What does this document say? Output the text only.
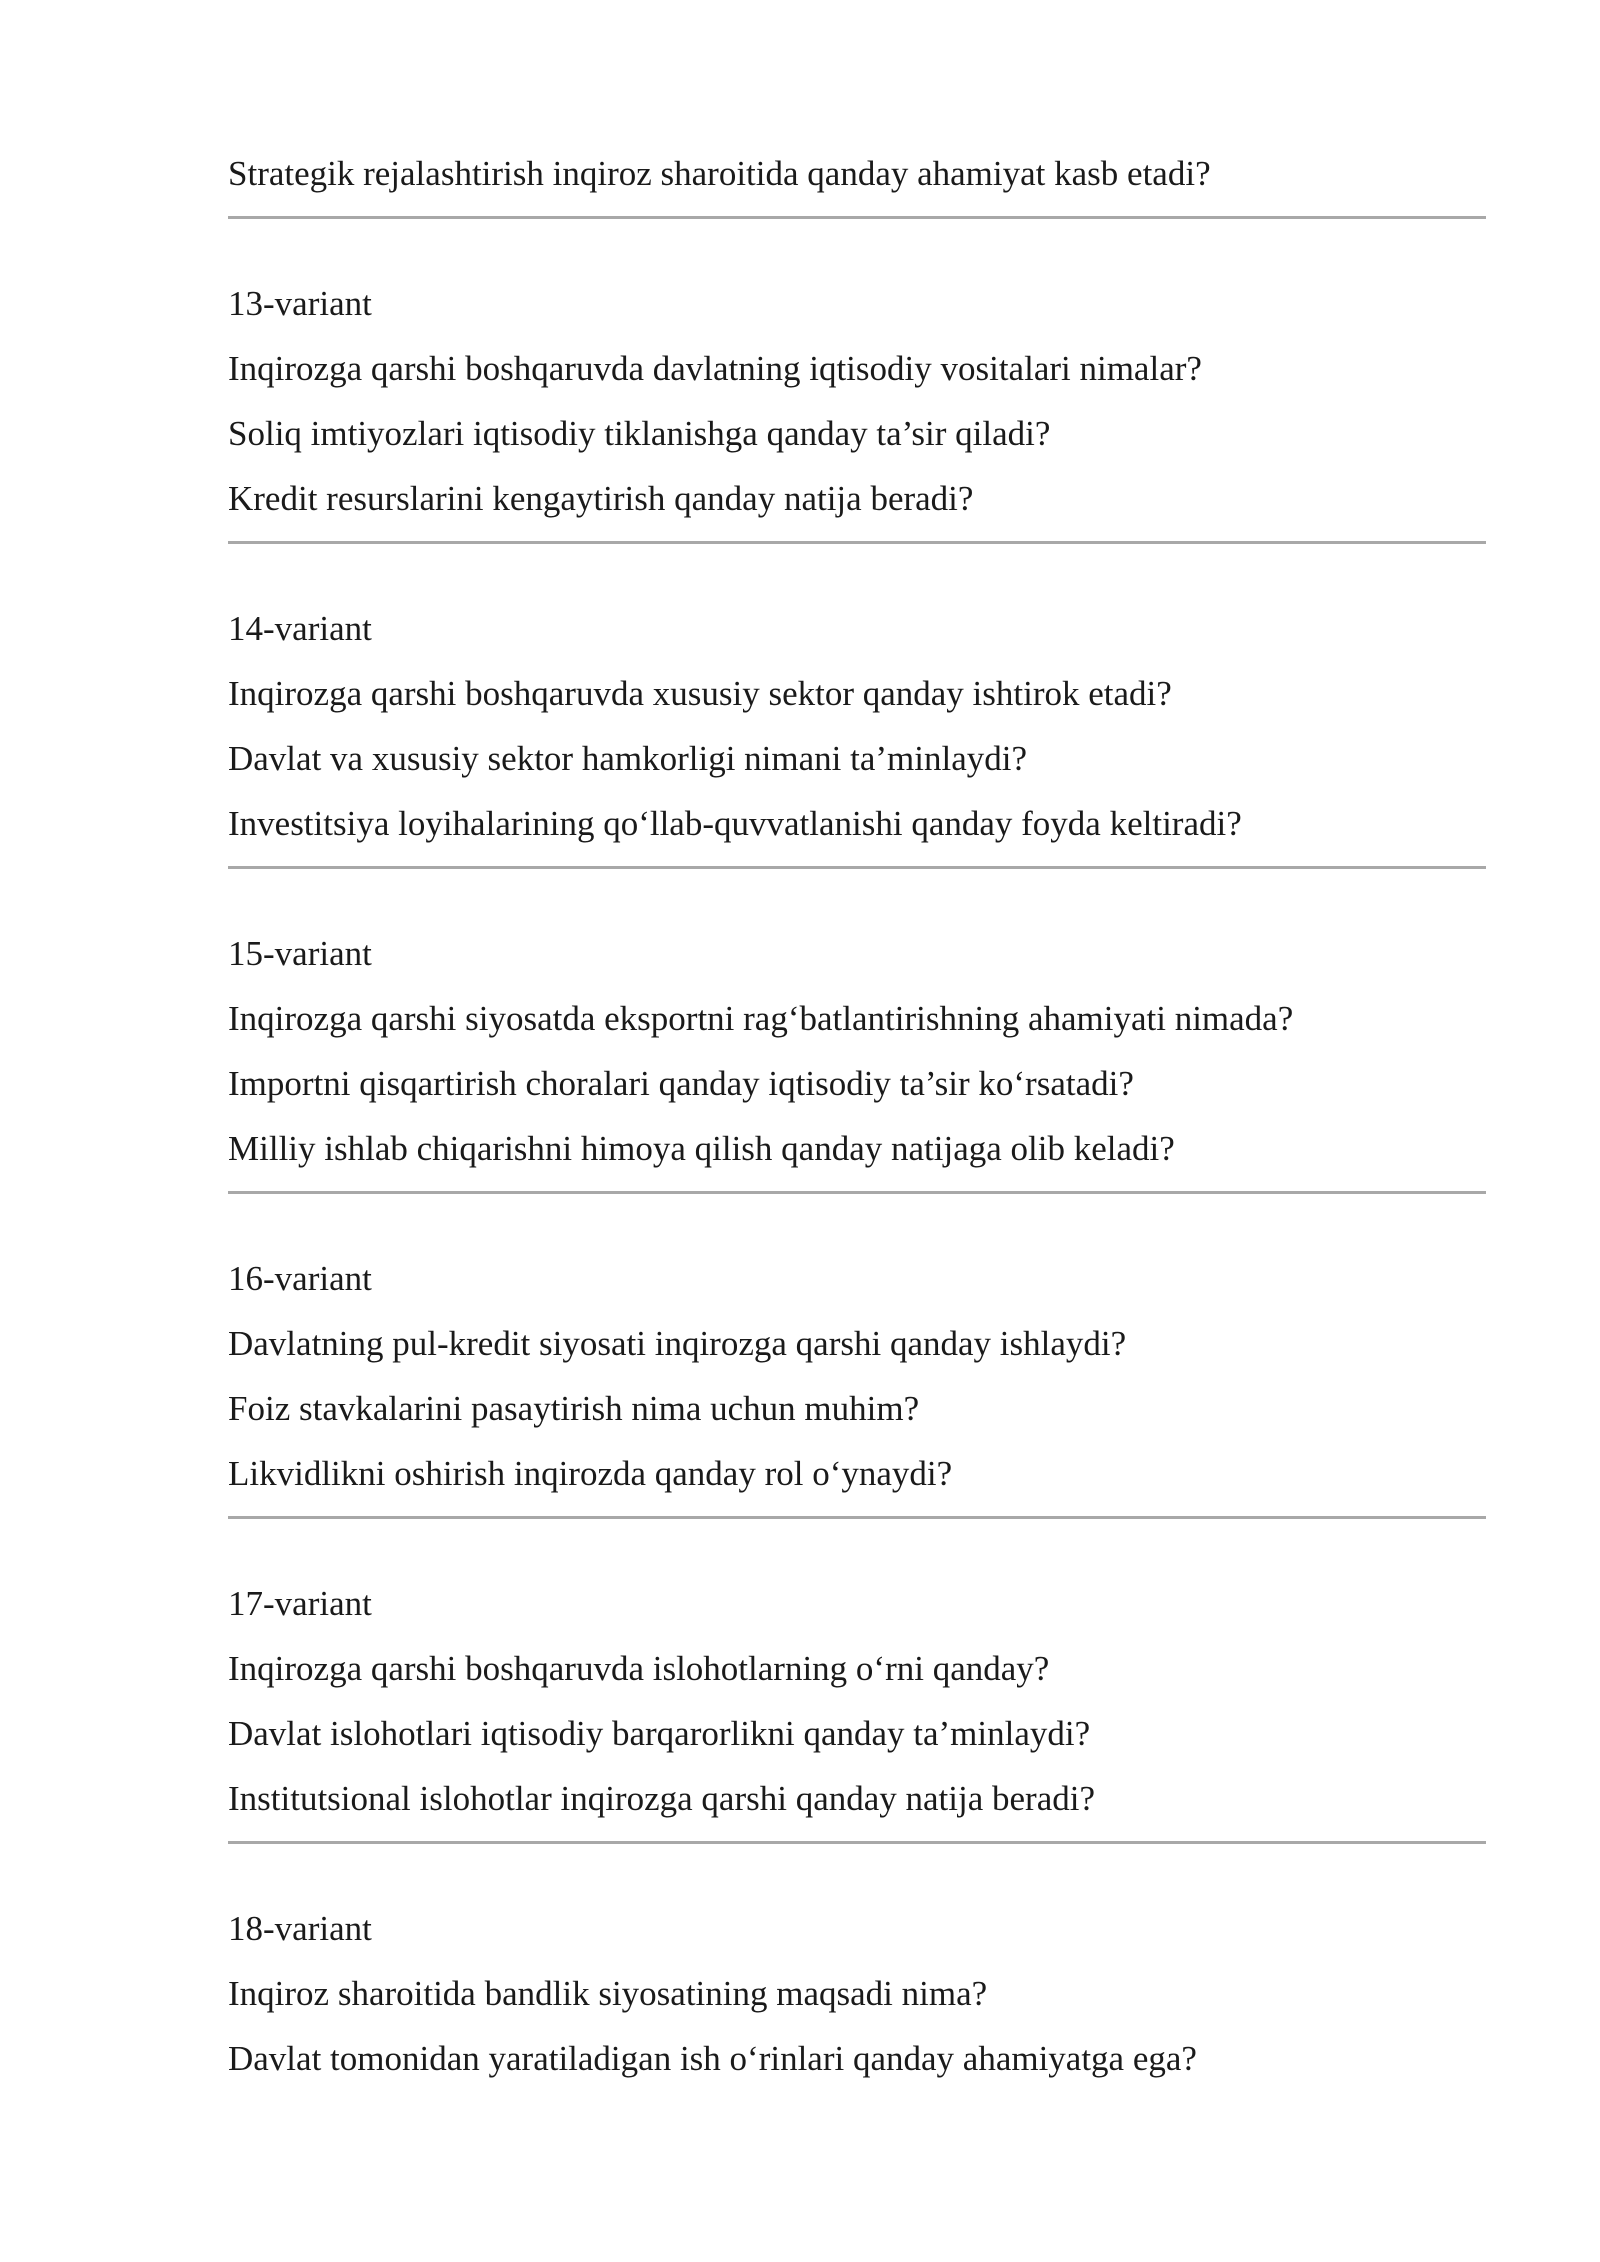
Strategik rejalashtirish inqiroz sharoitida qanday ahamiyat kasb etadi?
13-variant
Inqirozga qarshi boshqaruvda davlatning iqtisodiy vositalari nimalar?
Soliq imtiyozlari iqtisodiy tiklanishga qanday ta’sir qiladi?
Kredit resurslarini kengaytirish qanday natija beradi?
14-variant
Inqirozga qarshi boshqaruvda xususiy sektor qanday ishtirok etadi?
Davlat va xususiy sektor hamkorligi nimani ta’minlaydi?
Investitsiya loyihalarining qo‘llab-quvvatlanishi qanday foyda keltiradi?
15-variant
Inqirozga qarshi siyosatda eksportni rag‘batlantirishning ahamiyati nimada?
Importni qisqartirish choralari qanday iqtisodiy ta’sir ko‘rsatadi?
Milliy ishlab chiqarishni himoya qilish qanday natijaga olib keladi?
16-variant
Davlatning pul-kredit siyosati inqirozga qarshi qanday ishlaydi?
Foiz stavkalarini pasaytirish nima uchun muhim?
Likvidlikni oshirish inqirozda qanday rol o‘ynaydi?
17-variant
Inqirozga qarshi boshqaruvda islohotlarning o‘rni qanday?
Davlat islohotlari iqtisodiy barqarorlikni qanday ta’minlaydi?
Institutsional islohotlar inqirozga qarshi qanday natija beradi?
18-variant
Inqiroz sharoitida bandlik siyosatining maqsadi nima?
Davlat tomonidan yaratiladigan ish o‘rinlari qanday ahamiyatga ega?
